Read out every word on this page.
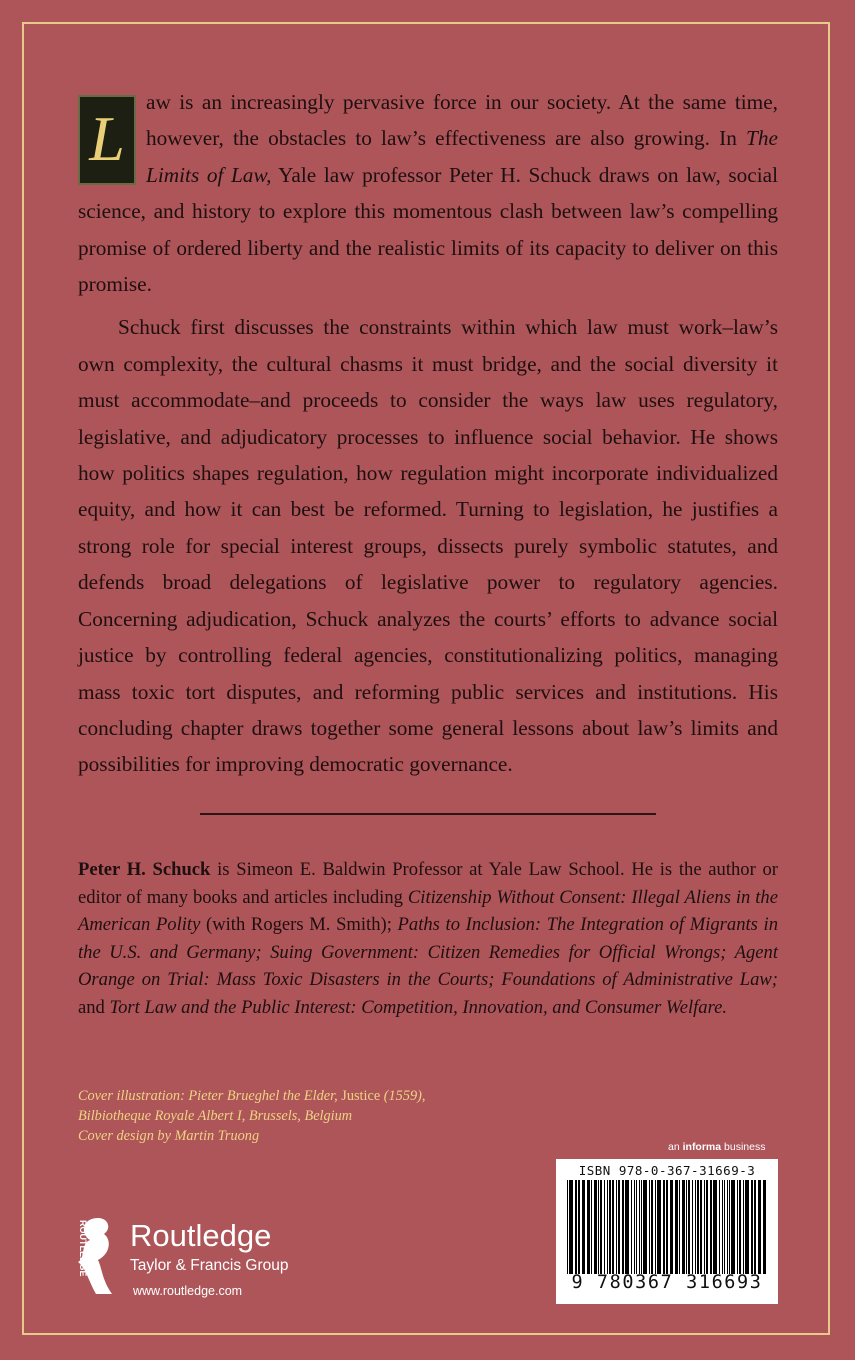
L
aw is an increasingly pervasive force in our society. At the same time, however, the obstacles to law’s effectiveness are also growing. In The Limits of Law, Yale law professor Peter H. Schuck draws on law, social science, and history to explore this momentous clash between law’s compelling promise of ordered liberty and the realistic limits of its capacity to deliver on this promise.

Schuck first discusses the constraints within which law must work–law’s own complexity, the cultural chasms it must bridge, and the social diversity it must accommodate–and proceeds to consider the ways law uses regulatory, legislative, and adjudicatory processes to influence social behavior. He shows how politics shapes regulation, how regulation might incorporate individualized equity, and how it can best be reformed. Turning to legislation, he justifies a strong role for special interest groups, dissects purely symbolic statutes, and defends broad delegations of legislative power to regulatory agencies. Concerning adjudication, Schuck analyzes the courts’ efforts to advance social justice by controlling federal agencies, constitutionalizing politics, managing mass toxic tort disputes, and reforming public services and institutions. His concluding chapter draws together some general lessons about law’s limits and possibilities for improving democratic governance.

Peter H. Schuck is Simeon E. Baldwin Professor at Yale Law School. He is the author or editor of many books and articles including Citizenship Without Consent: Illegal Aliens in the American Polity (with Rogers M. Smith); Paths to Inclusion: The Integration of Migrants in the U.S. and Germany; Suing Government: Citizen Remedies for Official Wrongs; Agent Orange on Trial: Mass Toxic Disasters in the Courts; Foundations of Administrative Law; and Tort Law and the Public Interest: Competition, Innovation, and Consumer Welfare.

Cover illustration: Pieter Brueghel the Elder, Justice (1559),
Bilbiotheque Royale Albert I, Brussels, Belgium
Cover design by Martin Truong
an informa business
ISBN 978-0-367-31669-3
9 780367 316693
ROUTLEDGE Routledge
Taylor & Francis Group
www.routledge.com
